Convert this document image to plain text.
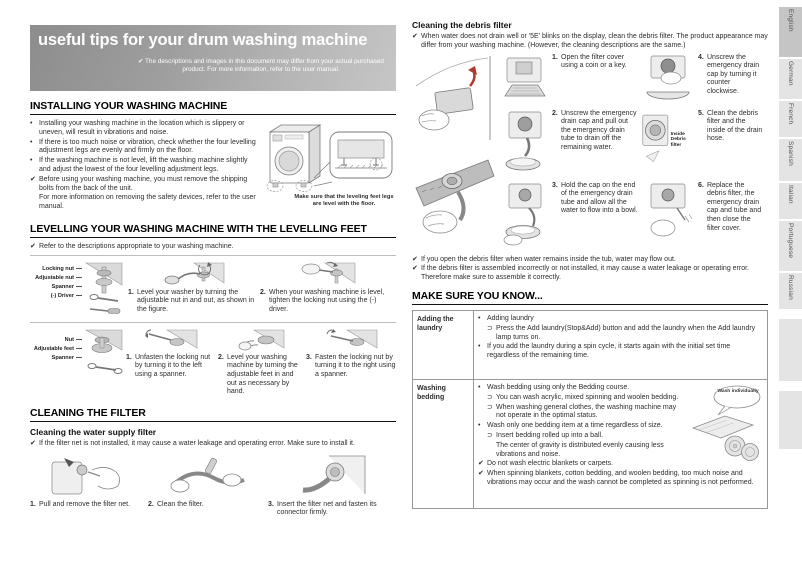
useful tips for your drum washing machine
✔ The descriptions and images in this document may differ from your actual purchased product. For more information, refer to the user manual.
INSTALLING YOUR WASHING MACHINE
• Installing your washing machine in the location which is slippery or uneven, will result in vibrations and noise.
• If there is too much noise or vibration, check whether the four levelling adjustment legs are evenly and firmly on the floor.
• If the washing machine is not level, lift the washing machine slightly and adjust the lowest of the four levelling adjustment legs.
✔ Before using your washing machine, you must remove the shipping bolts from the back of the unit.
For more information on removing the safety devices, refer to the user manual.
Make sure that the leveling feet legs are level with the floor.
LEVELLING YOUR WASHING MACHINE WITH THE LEVELLING FEET
✔ Refer to the descriptions appropriate to your washing machine.
Locking nut
Adjustable nut
Spanner
(-) Driver	1. Level your washer by turning the adjustable nut in and out, as shown in the figure.
2. When your washing machine is level, tighten the locking nut using the (-) driver.
Nut
Adjustable feet
Spanner	1. Unfasten the locking nut by turning it to the left using a spanner.
2. Level your washing machine by turning the adjustable feet in and out as necessary by hand.
3. Fasten the locking nut by turning it to the right using a spanner.
CLEANING THE FILTER
Cleaning the water supply filter
✔ If the filter net is not installed, it may cause a water leakage and operating error. Make sure to install it.
1. Pull and remove the filter net.	2. Clean the filter.	3. Insert the filter net and fasten its connector firmly.
Cleaning the debris filter
✔ When water does not drain well or '5E' blinks on the display, clean the debris filter. The product appearance may differ from your washing machine. (However, the cleaning descriptions are the same.)
1. Open the filter cover using a coin or a key.
2. Unscrew the emergency drain cap and pull out the emergency drain tube to drain off the remaining water.
3. Hold the cap on the end of the emergency drain tube and allow all the water to flow into a bowl.
Inside
Debris filter
4. Unscrew the emergency drain cap by turning it counter clockwise.
5. Clean the debris filter and the inside of the drain hose.
6. Replace the debris filter, the emergency drain cap and tube and then close the filter cover.
✔ If you open the debris filter when water remains inside the tub, water may flow out.
✔ If the debris filter is assembled incorrectly or not installed, it may cause a water leakage or operating error. Therefore make sure to assemble it correctly.
MAKE SURE YOU KNOW...
Adding the laundry	
• Adding laundry
⊃ Press the Add laundry(Stop&Add) button and add the laundry when the Add laundry lamp turns on.
• If you add the laundry during a spin cycle, it starts again with the initial set time regardless of the remaining time.

Washing bedding	
Wash individually
• Wash bedding using only the Bedding course.
⊃ You can wash acrylic, mixed spinning and woolen bedding.
⊃ When washing general clothes, the washing machine may not operate in the optimal status.
• Wash only one bedding item at a time regardless of size.
⊃ Insert bedding rolled up into a ball.
The center of gravity is distributed evenly causing less vibrations and noise.
✔ Do not wash electric blankets or carpets.
✔ When spinning blankets, cotton bedding, and woolen bedding, too much noise and vibrations may occur and the wash cannot be completed as spinning is not performed.
English
German
French
Spanish
Italian
Portuguese
Russian
